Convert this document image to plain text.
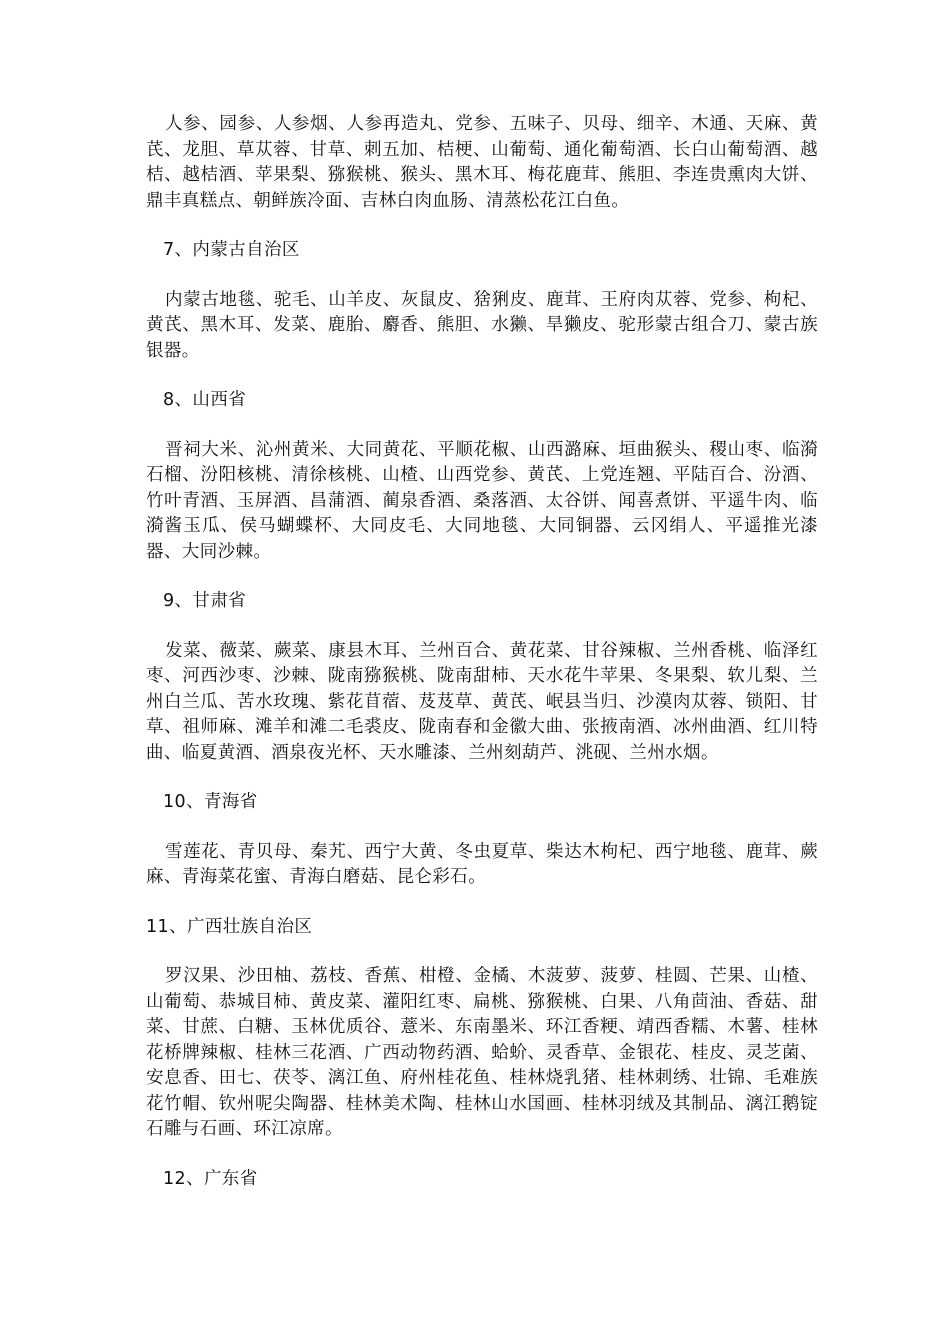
人参、园参、人参烟、人参再造丸、党参、五味子、贝母、细辛、木通、天麻、黄芪、龙胆、草苁蓉、甘草、刺五加、桔梗、山葡萄、通化葡萄酒、长白山葡萄酒、越桔、越桔酒、苹果梨、猕猴桃、猴头、黑木耳、梅花鹿茸、熊胆、李连贵熏肉大饼、鼎丰真糕点、朝鲜族冷面、吉林白肉血肠、清蒸松花江白鱼。

7、内蒙古自治区

内蒙古地毯、驼毛、山羊皮、灰鼠皮、猞猁皮、鹿茸、王府肉苁蓉、党参、枸杞、黄芪、黑木耳、发菜、鹿胎、麝香、熊胆、水獭、旱獭皮、驼形蒙古组合刀、蒙古族银器。

8、山西省

晋祠大米、沁州黄米、大同黄花、平顺花椒、山西潞麻、垣曲猴头、稷山枣、临漪石榴、汾阳核桃、清徐核桃、山楂、山西党参、黄芪、上党连翘、平陆百合、汾酒、竹叶青酒、玉屏酒、昌蒲酒、蔺泉香酒、桑落酒、太谷饼、闻喜煮饼、平遥牛肉、临漪酱玉瓜、侯马蝴蝶杯、大同皮毛、大同地毯、大同铜器、云冈绢人、平遥推光漆器、大同沙棘。

9、甘肃省

发菜、薇菜、蕨菜、康县木耳、兰州百合、黄花菜、甘谷辣椒、兰州香桃、临泽红枣、河西沙枣、沙棘、陇南猕猴桃、陇南甜柿、天水花牛苹果、冬果梨、软儿梨、兰州白兰瓜、苦水玫瑰、紫花苜蓿、芨芨草、黄芪、岷县当归、沙漠肉苁蓉、锁阳、甘草、祖师麻、滩羊和滩二毛裘皮、陇南春和金徽大曲、张掖南酒、冰州曲酒、红川特曲、临夏黄酒、酒泉夜光杯、天水雕漆、兰州刻葫芦、洮砚、兰州水烟。

10、青海省

雪莲花、青贝母、秦艽、西宁大黄、冬虫夏草、柴达木枸杞、西宁地毯、鹿茸、蕨麻、青海菜花蜜、青海白磨菇、昆仑彩石。

11、广西壮族自治区

罗汉果、沙田柚、荔枝、香蕉、柑橙、金橘、木菠萝、菠萝、桂圆、芒果、山楂、山葡萄、恭城目柿、黄皮菜、灌阳红枣、扁桃、猕猴桃、白果、八角茴油、香菇、甜菜、甘蔗、白糖、玉林优质谷、薏米、东南墨米、环江香粳、靖西香糯、木薯、桂林花桥牌辣椒、桂林三花酒、广西动物药酒、蛤蚧、灵香草、金银花、桂皮、灵芝菌、安息香、田七、茯苓、漓江鱼、府州桂花鱼、桂林烧乳猪、桂林刺绣、壮锦、毛难族花竹帽、钦州呢尖陶器、桂林美术陶、桂林山水国画、桂林羽绒及其制品、漓江鹅锭石雕与石画、环江凉席。

12、广东省
